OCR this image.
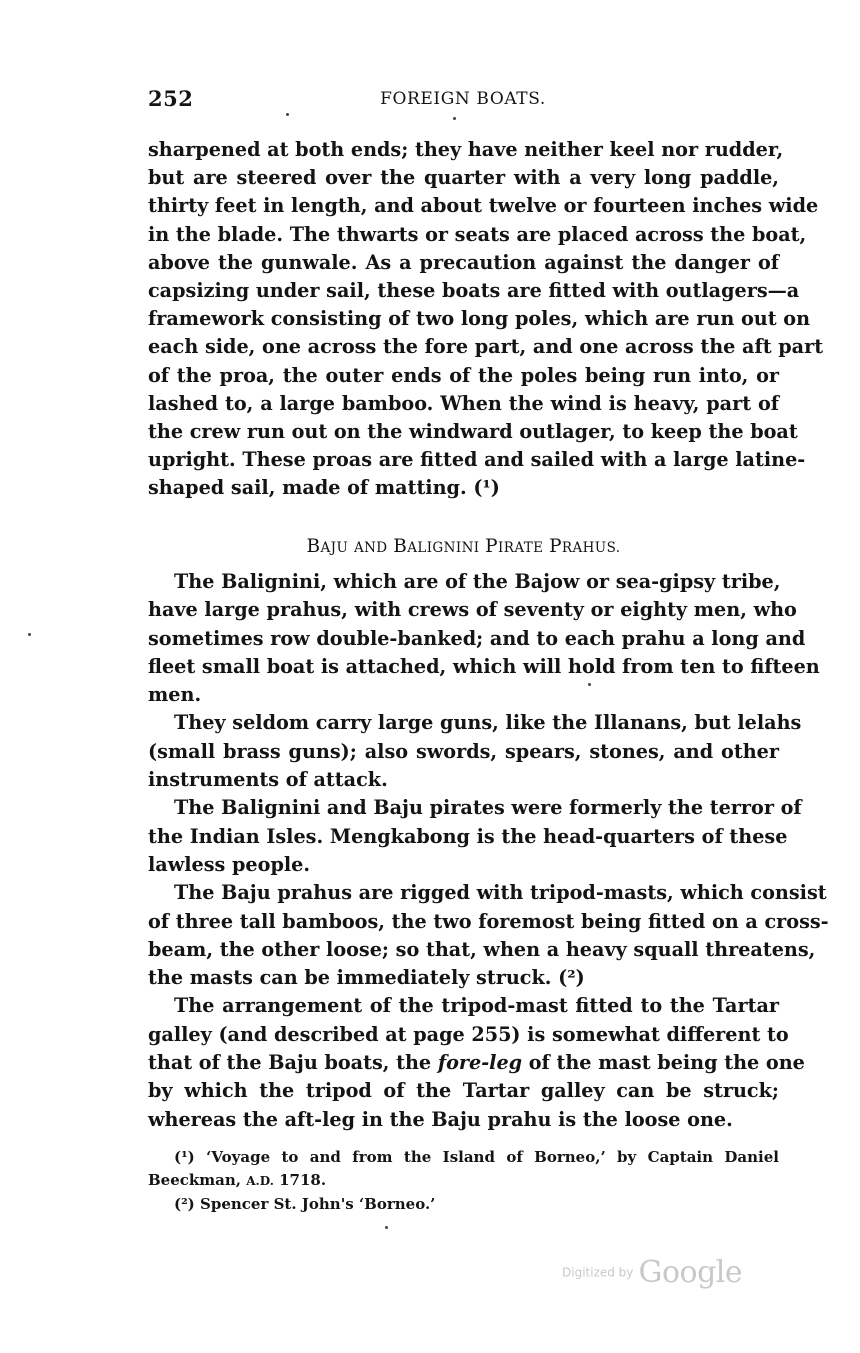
252	FOREIGN BOATS.
sharpened at both ends; they have neither keel nor rudder,
but are steered over the quarter with a very long paddle,
thirty feet in length, and about twelve or fourteen inches wide
in the blade. The thwarts or seats are placed across the boat,
above the gunwale. As a precaution against the danger of
capsizing under sail, these boats are fitted with outlagers—a
framework consisting of two long poles, which are run out on
each side, one across the fore part, and one across the aft part
of the proa, the outer ends of the poles being run into, or
lashed to, a large bamboo. When the wind is heavy, part of
the crew run out on the windward outlager, to keep the boat
upright. These proas are fitted and sailed with a large latine-
shaped sail, made of matting. (¹)
BAJU AND BALIGNINI PIRATE PRAHUS.
The Balignini, which are of the Bajow or sea-gipsy tribe,
have large prahus, with crews of seventy or eighty men, who
sometimes row double-banked; and to each prahu a long and
fleet small boat is attached, which will hold from ten to fifteen
men.
They seldom carry large guns, like the Illanans, but lelahs
(small brass guns); also swords, spears, stones, and other
instruments of attack.
The Balignini and Baju pirates were formerly the terror of
the Indian Isles. Mengkabong is the head-quarters of these
lawless people.
The Baju prahus are rigged with tripod-masts, which consist
of three tall bamboos, the two foremost being fitted on a cross-
beam, the other loose; so that, when a heavy squall threatens,
the masts can be immediately struck. (²)
The arrangement of the tripod-mast fitted to the Tartar
galley (and described at page 255) is somewhat different to
that of the Baju boats, the fore-leg of the mast being the one
by which the tripod of the Tartar galley can be struck;
whereas the aft-leg in the Baju prahu is the loose one.
(¹) ‘Voyage to and from the Island of Borneo,’ by Captain Daniel
Beeckman, A.D. 1718.
(²) Spencer St. John's ‘Borneo.’
Digitized by Google
